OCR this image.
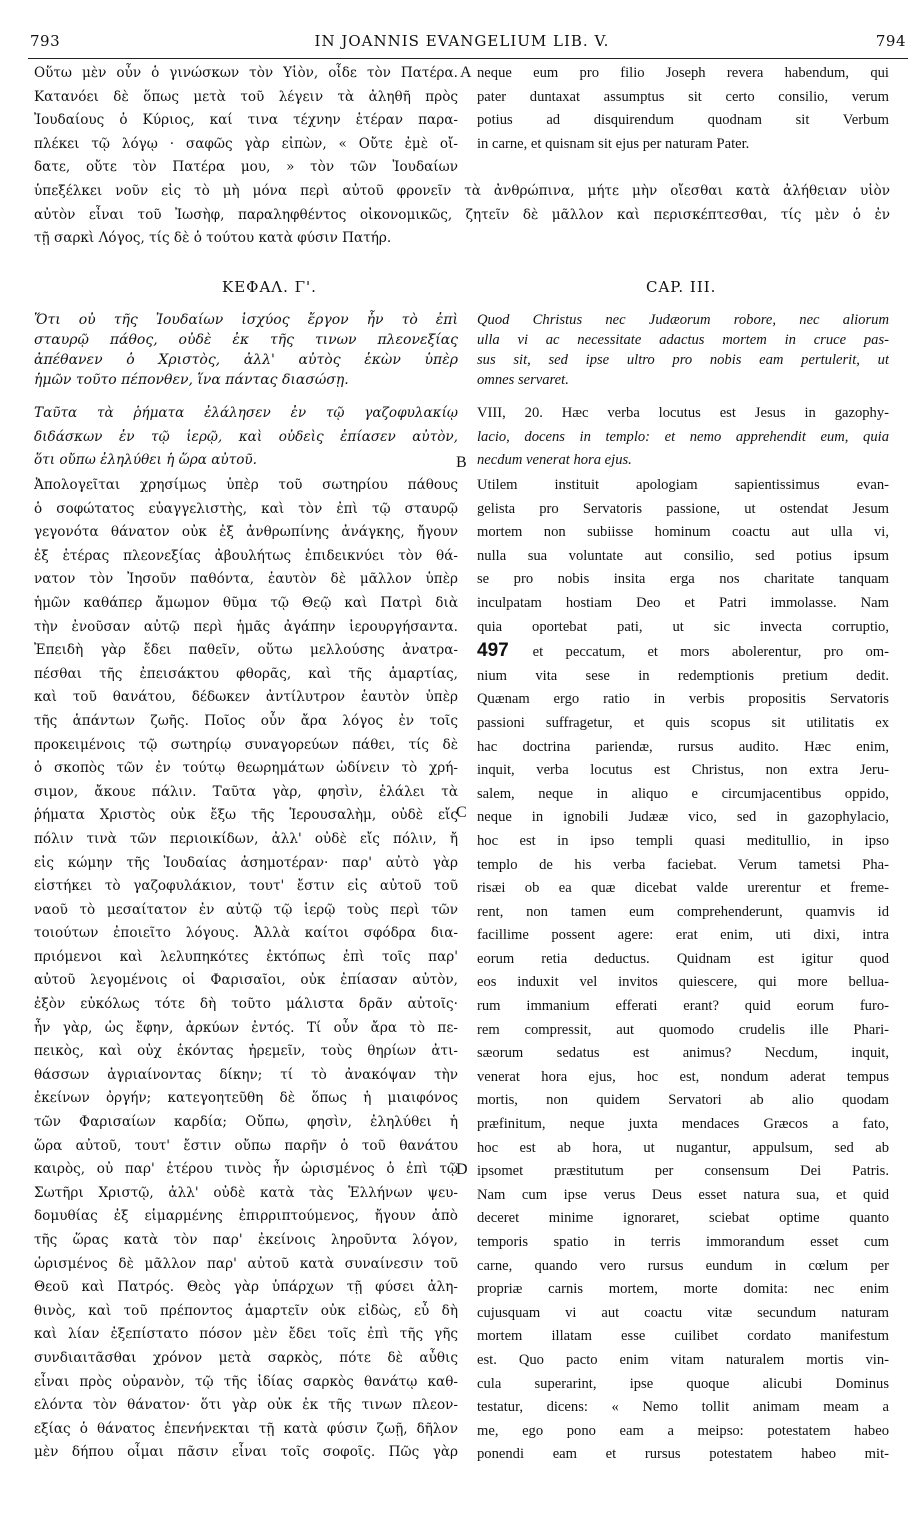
793	IN JOANNIS EVANGELIUM LIB. V.	794
Οὕτω μὲν οὖν ὁ γινώσκων τὸν Υἱὸν, οἶδε τὸν Πατέρα.
Κατανόει δὲ ὅπως μετὰ τοῦ λέγειν τὰ ἀληθῆ πρὸς
Ἰουδαίους ὁ Κύριος, καί τινα τέχνην ἑτέραν παρα-
πλέκει τῷ λόγῳ · σαφῶς γὰρ εἰπὼν, « Οὔτε ἐμὲ οἴ-
δατε, οὔτε τὸν Πατέρα μου, » τὸν τῶν Ἰουδαίων
A neque eum pro filio Joseph revera habendum, qui
pater duntaxat assumptus sit certo consilio, verum
potius ad disquirendum quodnam sit Verbum
in carne, et quisnam sit ejus per naturam Pater.
ὑπεξέλκει νοῦν εἰς τὸ μὴ μόνα περὶ αὐτοῦ φρονεῖν τὰ ἀνθρώπινα, μήτε μὴν οἴεσθαι κατὰ ἀλήθειαν υἱὸν
αὐτὸν εἶναι τοῦ Ἰωσὴφ, παραληφθέντος οἰκονομικῶς, ζητεῖν δὲ μᾶλλον καὶ περισκέπτεσθαι, τίς μὲν ὁ ἐν
τῇ σαρκὶ Λόγος, τίς δὲ ὁ τούτου κατὰ φύσιν Πατήρ.
ΚΕΦΑΛ. Γ'.	CAP. III.
Ὅτι οὐ τῆς Ἰουδαίων ἰσχύος ἔργον ἦν τὸ ἐπὶ
σταυρῷ πάθος, οὐδὲ ἐκ τῆς τινων πλεονεξίας
ἀπέθανεν ὁ Χριστὸς, ἀλλ' αὐτὸς ἑκὼν ὑπὲρ
ἡμῶν τοῦτο πέπονθεν, ἵνα πάντας διασώσῃ.
Quod Christus nec Judæorum robore, nec aliorum
ulla vi ac necessitate adactus mortem in cruce pas-
sus sit, sed ipse ultro pro nobis eam pertulerit, ut
omnes servaret.
Ταῦτα τὰ ῥήματα ἐλάλησεν ἐν τῷ γαζοφυλακίῳ
διδάσκων ἐν τῷ ἱερῷ, καὶ οὐδεὶς ἐπίασεν αὐτὸν,
ὅτι οὔπω ἐληλύθει ἡ ὥρα αὐτοῦ.
VIII, 20. Hæc verba locutus est Jesus in gazophy-
lacio, docens in templo: et nemo apprehendit eum, quia
necdum venerat hora ejus.
B
Ἀπολογεῖται χρησίμως ὑπὲρ τοῦ σωτηρίου πάθους
ὁ σοφώτατος εὐαγγελιστὴς, καὶ τὸν ἐπὶ τῷ σταυρῷ
γεγονότα θάνατον οὐκ ἐξ ἀνθρωπίνης ἀνάγκης, ἤγουν
ἐξ ἑτέρας πλεονεξίας ἀβουλήτως ἐπιδεικνύει τὸν θά-
νατον τὸν Ἰησοῦν παθόντα, ἑαυτὸν δὲ μᾶλλον ὑπὲρ
ἡμῶν καθάπερ ἄμωμον θῦμα τῷ Θεῷ καὶ Πατρὶ διὰ
τὴν ἐνοῦσαν αὐτῷ περὶ ἡμᾶς ἀγάπην ἱερουργήσαντα.
Ἐπειδὴ γὰρ ἔδει παθεῖν, οὕτω μελλούσης ἀνατρα-
πέσθαι τῆς ἐπεισάκτου φθορᾶς, καὶ τῆς ἁμαρτίας,
καὶ τοῦ θανάτου, δέδωκεν ἀντίλυτρον ἑαυτὸν ὑπὲρ
τῆς ἁπάντων ζωῆς. Ποῖος οὖν ἄρα λόγος ἐν τοῖς
προκειμένοις τῷ σωτηρίῳ συναγορεύων πάθει, τίς δὲ
ὁ σκοπὸς τῶν ἐν τούτῳ θεωρημάτων ὠδίνειν τὸ χρή-
σιμον, ἄκουε πάλιν. Ταῦτα γὰρ, φησὶν, ἐλάλει τὰ
ῥήματα Χριστὸς οὐκ ἔξω τῆς Ἱερουσαλὴμ, οὐδὲ εἴς
πόλιν τινὰ τῶν περιοικίδων, ἀλλ' οὐδὲ εἴς πόλιν, ἤ
εἰς κώμην τῆς Ἰουδαίας ἀσημοτέραν· παρ' αὐτὸ γὰρ
εἱστήκει τὸ γαζοφυλάκιον, τουτ' ἔστιν εἰς αὐτοῦ τοῦ
ναοῦ τὸ μεσαίτατον ἐν αὐτῷ τῷ ἱερῷ τοὺς περὶ τῶν
τοιούτων ἐποιεῖτο λόγους. Ἀλλὰ καίτοι σφόδρα δια-
πριόμενοι καὶ λελυπηκότες ἐκτόπως ἐπὶ τοῖς παρ'
αὐτοῦ λεγομένοις οἱ Φαρισαῖοι, οὐκ ἐπίασαν αὐτὸν,
ἐξὸν εὐκόλως τότε δὴ τοῦτο μάλιστα δρᾶν αὐτοῖς·
ἦν γὰρ, ὡς ἔφην, ἀρκύων ἐντός. Τί οὖν ἄρα τὸ πε-
πεικὸς, καὶ οὐχ ἑκόντας ἠρεμεῖν, τοὺς θηρίων ἀτι-
θάσσων ἀγριαίνοντας δίκην; τί τὸ ἀνακόψαν τὴν
ἐκείνων ὀργήν; κατεγοητεῦθη δὲ ὅπως ἡ μιαιφόνος
τῶν Φαρισαίων καρδία; Οὔπω, φησὶν, ἐληλύθει ἡ
ὥρα αὐτοῦ, τουτ' ἔστιν οὔπω παρῆν ὁ τοῦ θανάτου
καιρὸς, οὐ παρ' ἑτέρου τινὸς ἦν ὡρισμένος ὁ ἐπὶ τῷ
Σωτῆρι Χριστῷ, ἀλλ' οὐδὲ κατὰ τὰς Ἑλλήνων ψευ-
δομυθίας ἐξ εἱμαρμένης ἐπιρριπτούμενος, ἤγουν ἀπὸ
τῆς ὥρας κατὰ τὸν παρ' ἐκείνοις ληροῦντα λόγον,
ὡρισμένος δὲ μᾶλλον παρ' αὐτοῦ κατὰ συναίνεσιν τοῦ
Θεοῦ καὶ Πατρός. Θεὸς γὰρ ὑπάρχων τῇ φύσει ἀλη-
θινὸς, καὶ τοῦ πρέποντος ἁμαρτεῖν οὐκ εἰδὼς, εὖ δὴ
καὶ λίαν ἐξεπίστατο πόσον μὲν ἔδει τοῖς ἐπὶ τῆς γῆς
συνδιαιτᾶσθαι χρόνον μετὰ σαρκὸς, πότε δὲ αὖθις
εἶναι πρὸς οὐρανὸν, τῷ τῆς ἰδίας σαρκὸς θανάτῳ καθ-
ελόντα τὸν θάνατον· ὅτι γὰρ οὐκ ἐκ τῆς τινων πλεον-
εξίας ὁ θάνατος ἐπενήνεκται τῇ κατὰ φύσιν ζωῇ, δῆλον
μὲν δήπου οἶμαι πᾶσιν εἶναι τοῖς σοφοῖς. Πῶς γὰρ
C
D
Utilem instituit apologiam sapientissimus evan-
gelista pro Servatoris passione, ut ostendat Jesum
mortem non subiisse hominum coactu aut ulla vi,
nulla sua voluntate aut consilio, sed potius ipsum
se pro nobis insita erga nos charitate tanquam
inculpatam hostiam Deo et Patri immolasse. Nam
quia oportebat pati, ut sic invecta corruptio,
497 et peccatum, et mors abolerentur, pro om-
nium vita sese in redemptionis pretium dedit.
Quænam ergo ratio in verbis propositis Servatoris
passioni suffragetur, et quis scopus sit utilitatis ex
hac doctrina pariendæ, rursus audito. Hæc enim,
inquit, verba locutus est Christus, non extra Jeru-
salem, neque in aliquo e circumjacentibus oppido,
neque in ignobili Judææ vico, sed in gazophylacio,
hoc est in ipso templi quasi meditullio, in ipso
templo de his verba faciebat. Verum tametsi Pha-
risæi ob ea quæ dicebat valde urerentur et freme-
rent, non tamen eum comprehenderunt, quamvis id
facillime possent agere: erat enim, uti dixi, intra
eorum retia deductus. Quidnam est igitur quod
eos induxit vel invitos quiescere, qui more bellua-
rum immanium efferati erant? quid eorum furo-
rem compressit, aut quomodo crudelis ille Phari-
sæorum sedatus est animus? Necdum, inquit,
venerat hora ejus, hoc est, nondum aderat tempus
mortis, non quidem Servatori ab alio quodam
præfinitum, neque juxta mendaces Græcos a fato,
hoc est ab hora, ut nugantur, appulsum, sed ab
ipsomet præstitutum per consensum Dei Patris.
Nam cum ipse verus Deus esset natura sua, et quid
deceret minime ignoraret, sciebat optime quanto
temporis spatio in terris immorandum esset cum
carne, quando vero rursus eundum in cœlum per
propriæ carnis mortem, morte domita: nec enim
cujusquam vi aut coactu vitæ secundum naturam
mortem illatam esse cuilibet cordato manifestum
est. Quo pacto enim vitam naturalem mortis vin-
cula superarint, ipse quoque alicubi Dominus
testatur, dicens: « Nemo tollit animam meam a
me, ego pono eam a meipso: potestatem habeo
ponendi eam et rursus potestatem habeo mit-
